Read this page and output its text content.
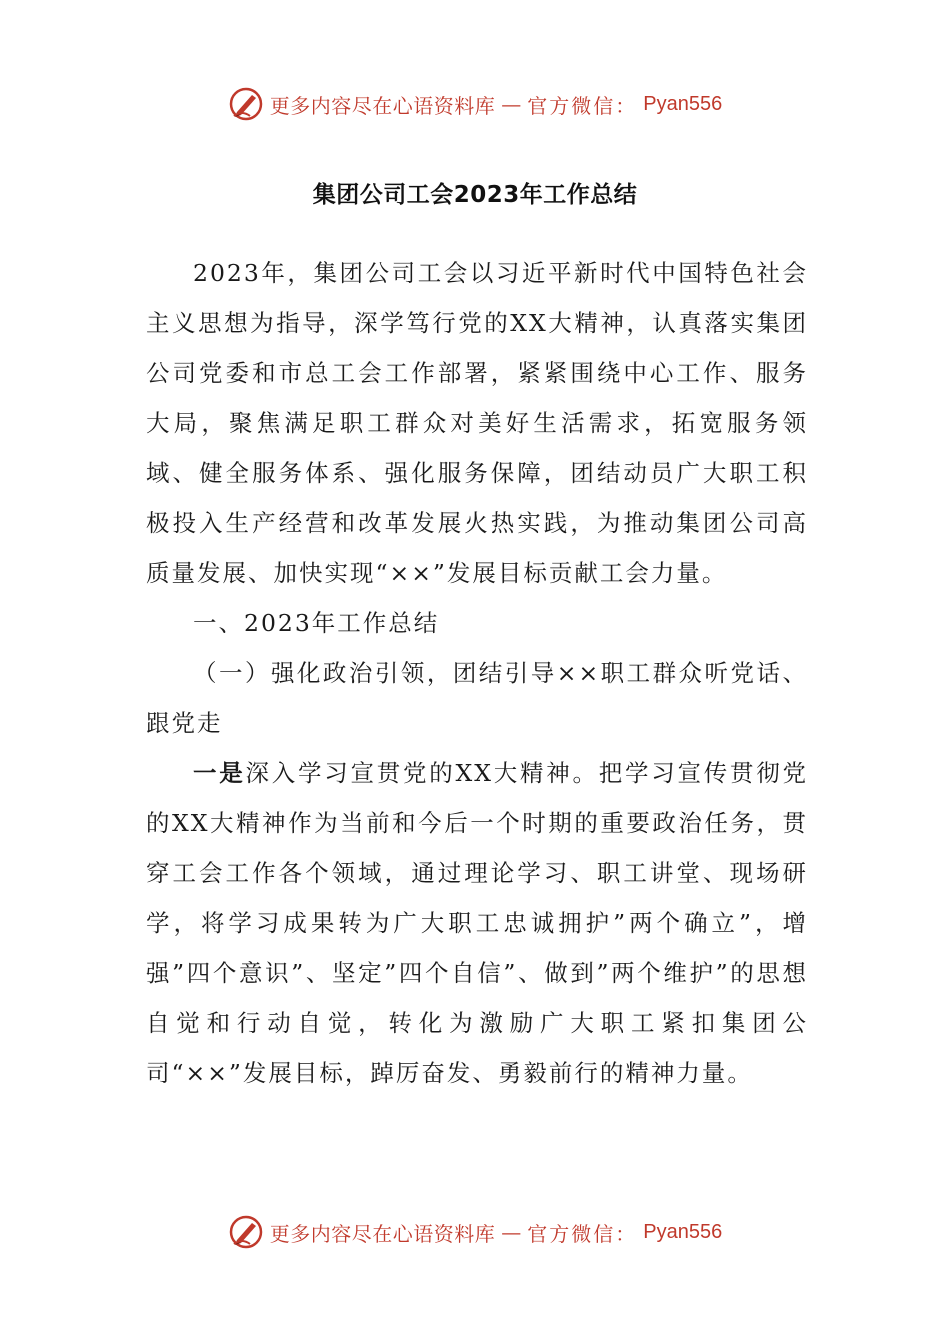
更多内容尽在心语资料库 — 官方微信： Pyan556
集团公司工会2023年工作总结

2023年，集团公司工会以习近平新时代中国特色社会主义思想为指导，深学笃行党的XX大精神，认真落实集团公司党委和市总工会工作部署，紧紧围绕中心工作、服务大局，聚焦满足职工群众对美好生活需求，拓宽服务领域、健全服务体系、强化服务保障，团结动员广大职工积极投入生产经营和改革发展火热实践，为推动集团公司高质量发展、加快实现“××”发展目标贡献工会力量。

一、2023年工作总结

（一）强化政治引领，团结引导××职工群众听党话、跟党走

一是深入学习宣贯党的XX大精神。把学习宣传贯彻党的XX大精神作为当前和今后一个时期的重要政治任务，贯穿工会工作各个领域，通过理论学习、职工讲堂、现场研学，将学习成果转为广大职工忠诚拥护”两个确立”，增强”四个意识”、坚定”四个自信”、做到”两个维护”的思想自觉和行动自觉，转化为激励广大职工紧扣集团公司“××”发展目标，踔厉奋发、勇毅前行的精神力量。

更多内容尽在心语资料库 — 官方微信： Pyan556
